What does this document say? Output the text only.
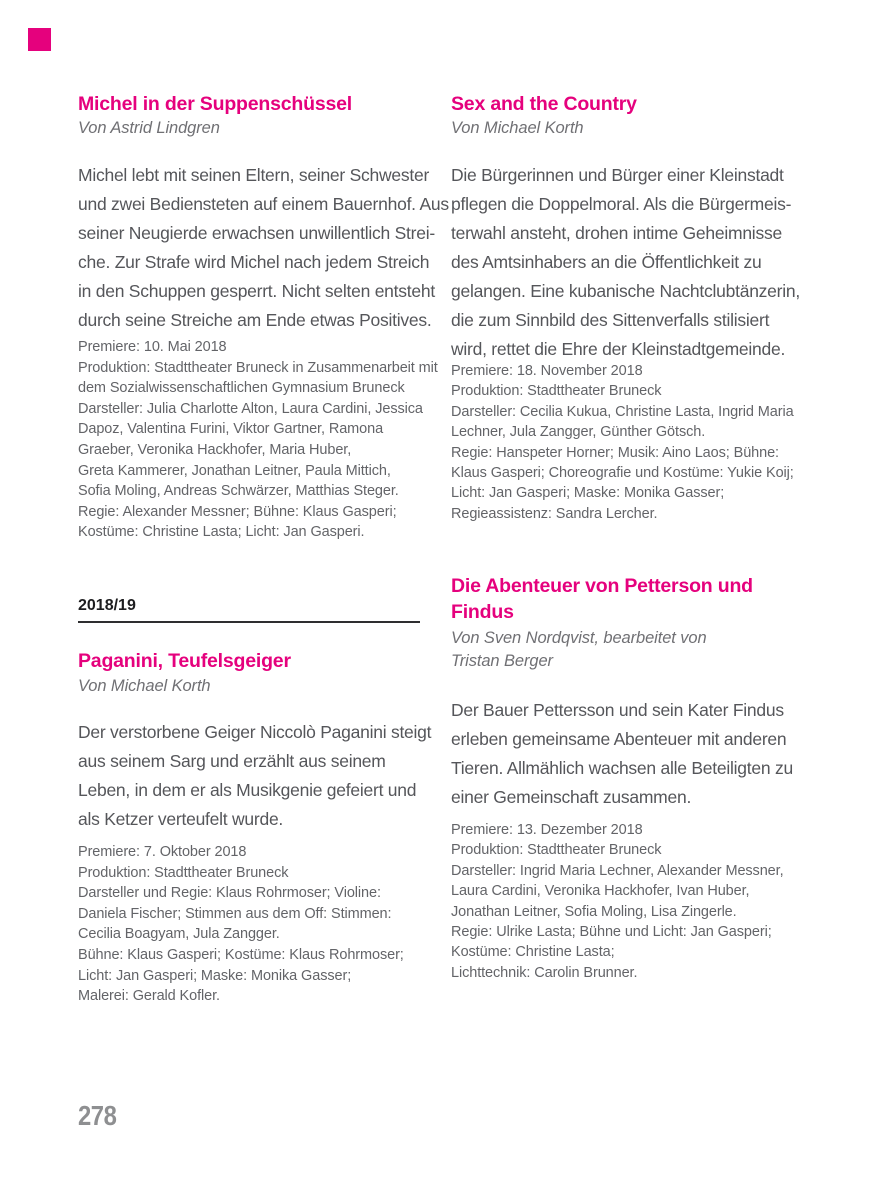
Michel in der Suppenschüssel
Von Astrid Lindgren
Michel lebt mit seinen Eltern, seiner Schwester
und zwei Bediensteten auf einem Bauernhof. Aus
seiner Neugierde erwachsen unwillentlich Strei-
che. Zur Strafe wird Michel nach jedem Streich
in den Schuppen gesperrt. Nicht selten entsteht
durch seine Streiche am Ende etwas Positives.
Premiere: 10. Mai 2018
Produktion: Stadttheater Bruneck in Zusammenarbeit mit
dem Sozialwissenschaftlichen Gymnasium Bruneck
Darsteller: Julia Charlotte Alton, Laura Cardini, Jessica
Dapoz, Valentina Furini, Viktor Gartner, Ramona
Graeber, Veronika Hackhofer, Maria Huber,
Greta Kammerer, Jonathan Leitner, Paula Mittich,
Sofia Moling, Andreas Schwärzer, Matthias Steger.
Regie: Alexander Messner; Bühne: Klaus Gasperi;
Kostüme: Christine Lasta; Licht: Jan Gasperi.
2018/19
Paganini, Teufelsgeiger
Von Michael Korth
Der verstorbene Geiger Niccolò Paganini steigt
aus seinem Sarg und erzählt aus seinem
Leben, in dem er als Musikgenie gefeiert und
als Ketzer verteufelt wurde.
Premiere: 7. Oktober 2018
Produktion: Stadttheater Bruneck
Darsteller und Regie: Klaus Rohrmoser; Violine:
Daniela Fischer; Stimmen aus dem Off: Stimmen:
Cecilia Boagyam, Jula Zangger.
Bühne: Klaus Gasperi; Kostüme: Klaus Rohrmoser;
Licht: Jan Gasperi; Maske: Monika Gasser;
Malerei: Gerald Kofler.
Sex and the Country
Von Michael Korth
Die Bürgerinnen und Bürger einer Kleinstadt
pflegen die Doppelmoral. Als die Bürgermeis-
terwahl ansteht, drohen intime Geheimnisse
des Amtsinhabers an die Öffentlichkeit zu
gelangen. Eine kubanische Nachtclubtänzerin,
die zum Sinnbild des Sittenverfalls stilisiert
wird, rettet die Ehre der Kleinstadtgemeinde.
Premiere: 18. November 2018
Produktion: Stadttheater Bruneck
Darsteller: Cecilia Kukua, Christine Lasta, Ingrid Maria
Lechner, Jula Zangger, Günther Götsch.
Regie: Hanspeter Horner; Musik: Aino Laos; Bühne:
Klaus Gasperi; Choreografie und Kostüme: Yukie Koij;
Licht: Jan Gasperi; Maske: Monika Gasser;
Regieassistenz: Sandra Lercher.
Die Abenteuer von Petterson und
Findus
Von Sven Nordqvist, bearbeitet von
Tristan Berger
Der Bauer Pettersson und sein Kater Findus
erleben gemeinsame Abenteuer mit anderen
Tieren. Allmählich wachsen alle Beteiligten zu
einer Gemeinschaft zusammen.
Premiere: 13. Dezember 2018
Produktion: Stadttheater Bruneck
Darsteller: Ingrid Maria Lechner, Alexander Messner,
Laura Cardini, Veronika Hackhofer, Ivan Huber,
Jonathan Leitner, Sofia Moling, Lisa Zingerle.
Regie: Ulrike Lasta; Bühne und Licht: Jan Gasperi;
Kostüme: Christine Lasta;
Lichttechnik: Carolin Brunner.
278
